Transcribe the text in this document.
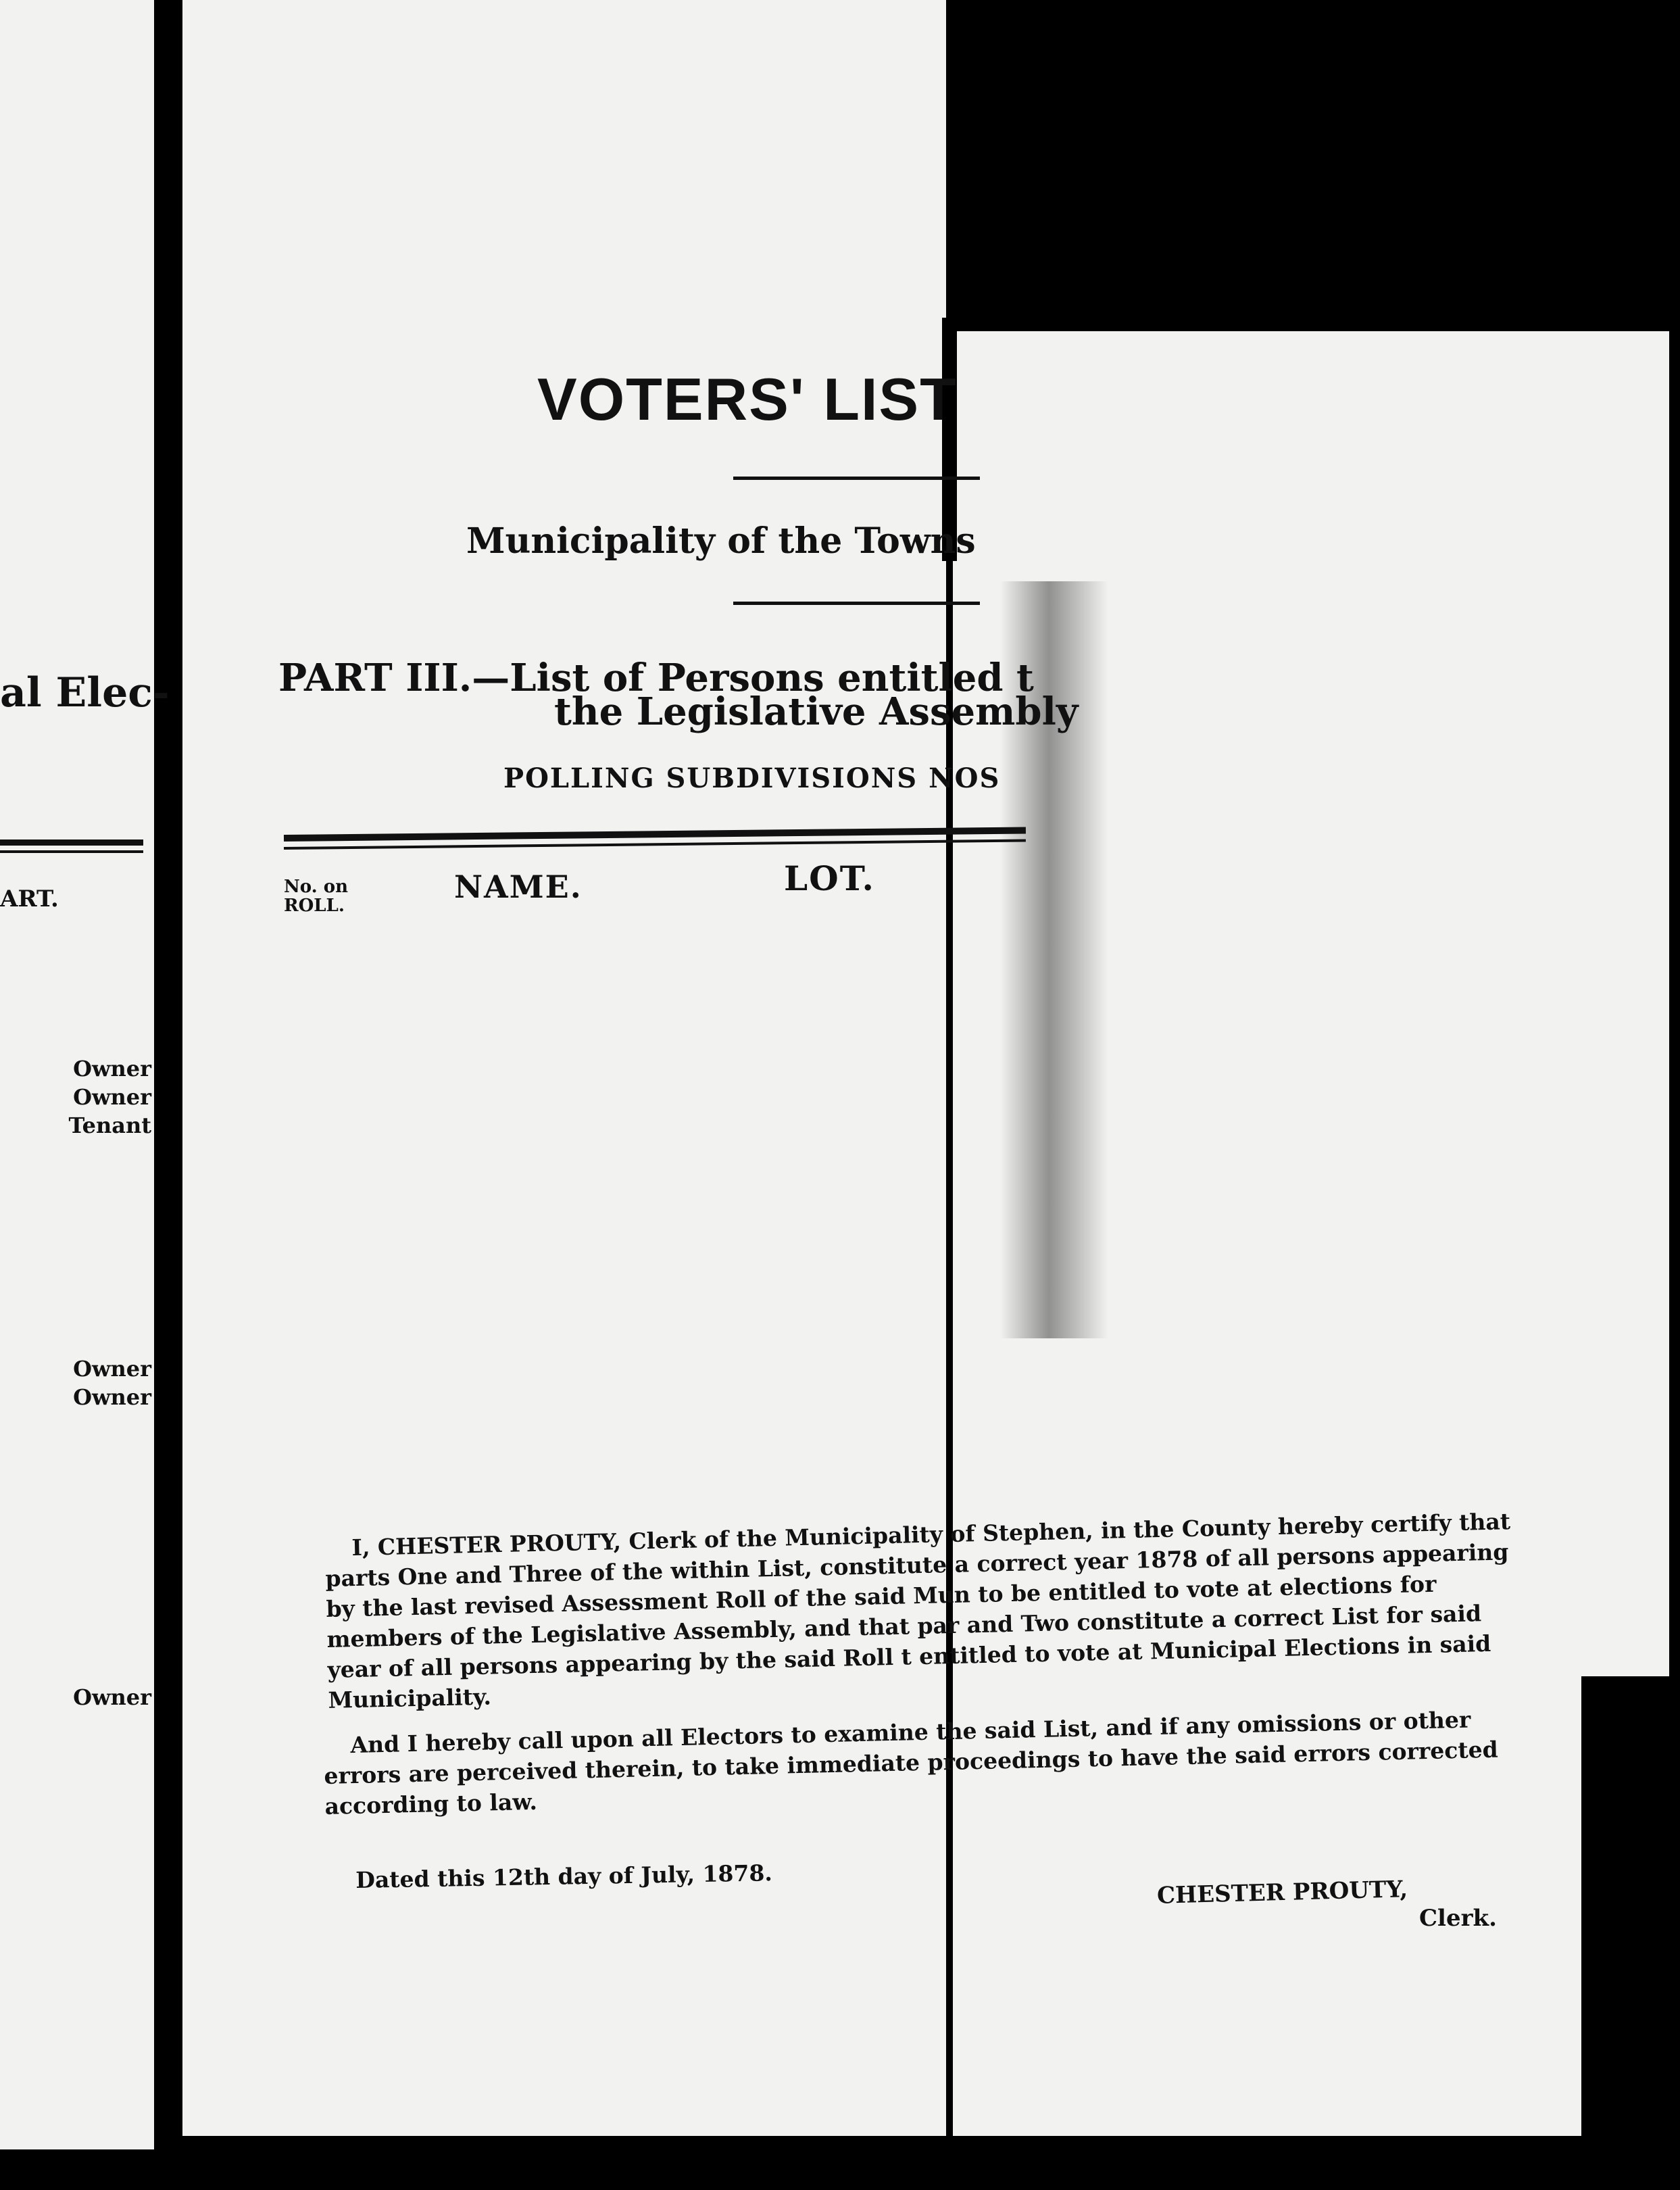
al Elec-
ART.
Owner
Owner
Tenant
Owner
Owner
Owner
VOTERS' LIST
Municipality of the Towns
PART III.—List of Persons entitled t
the Legislative Assembly
POLLING SUBDIVISIONS NOS
No. on ROLL.
NAME.	LOT.

I, CHESTER PROUTY, Clerk of the Municipality of Stephen, in the County hereby certify that parts One and Three of the within List, constitute a correct year 1878 of all persons appearing by the last revised Assessment Roll of the said Mun to be entitled to vote at elections for members of the Legislative Assembly, and that par and Two constitute a correct List for said year of all persons appearing by the said Roll t entitled to vote at Municipal Elections in said Municipality.

And I hereby call upon all Electors to examine the said List, and if any omissions or other errors are perceived therein, to take immediate proceedings to have the said errors corrected according to law.

Dated this 12th day of July, 1878.	CHESTER PROUTY,
Clerk.
